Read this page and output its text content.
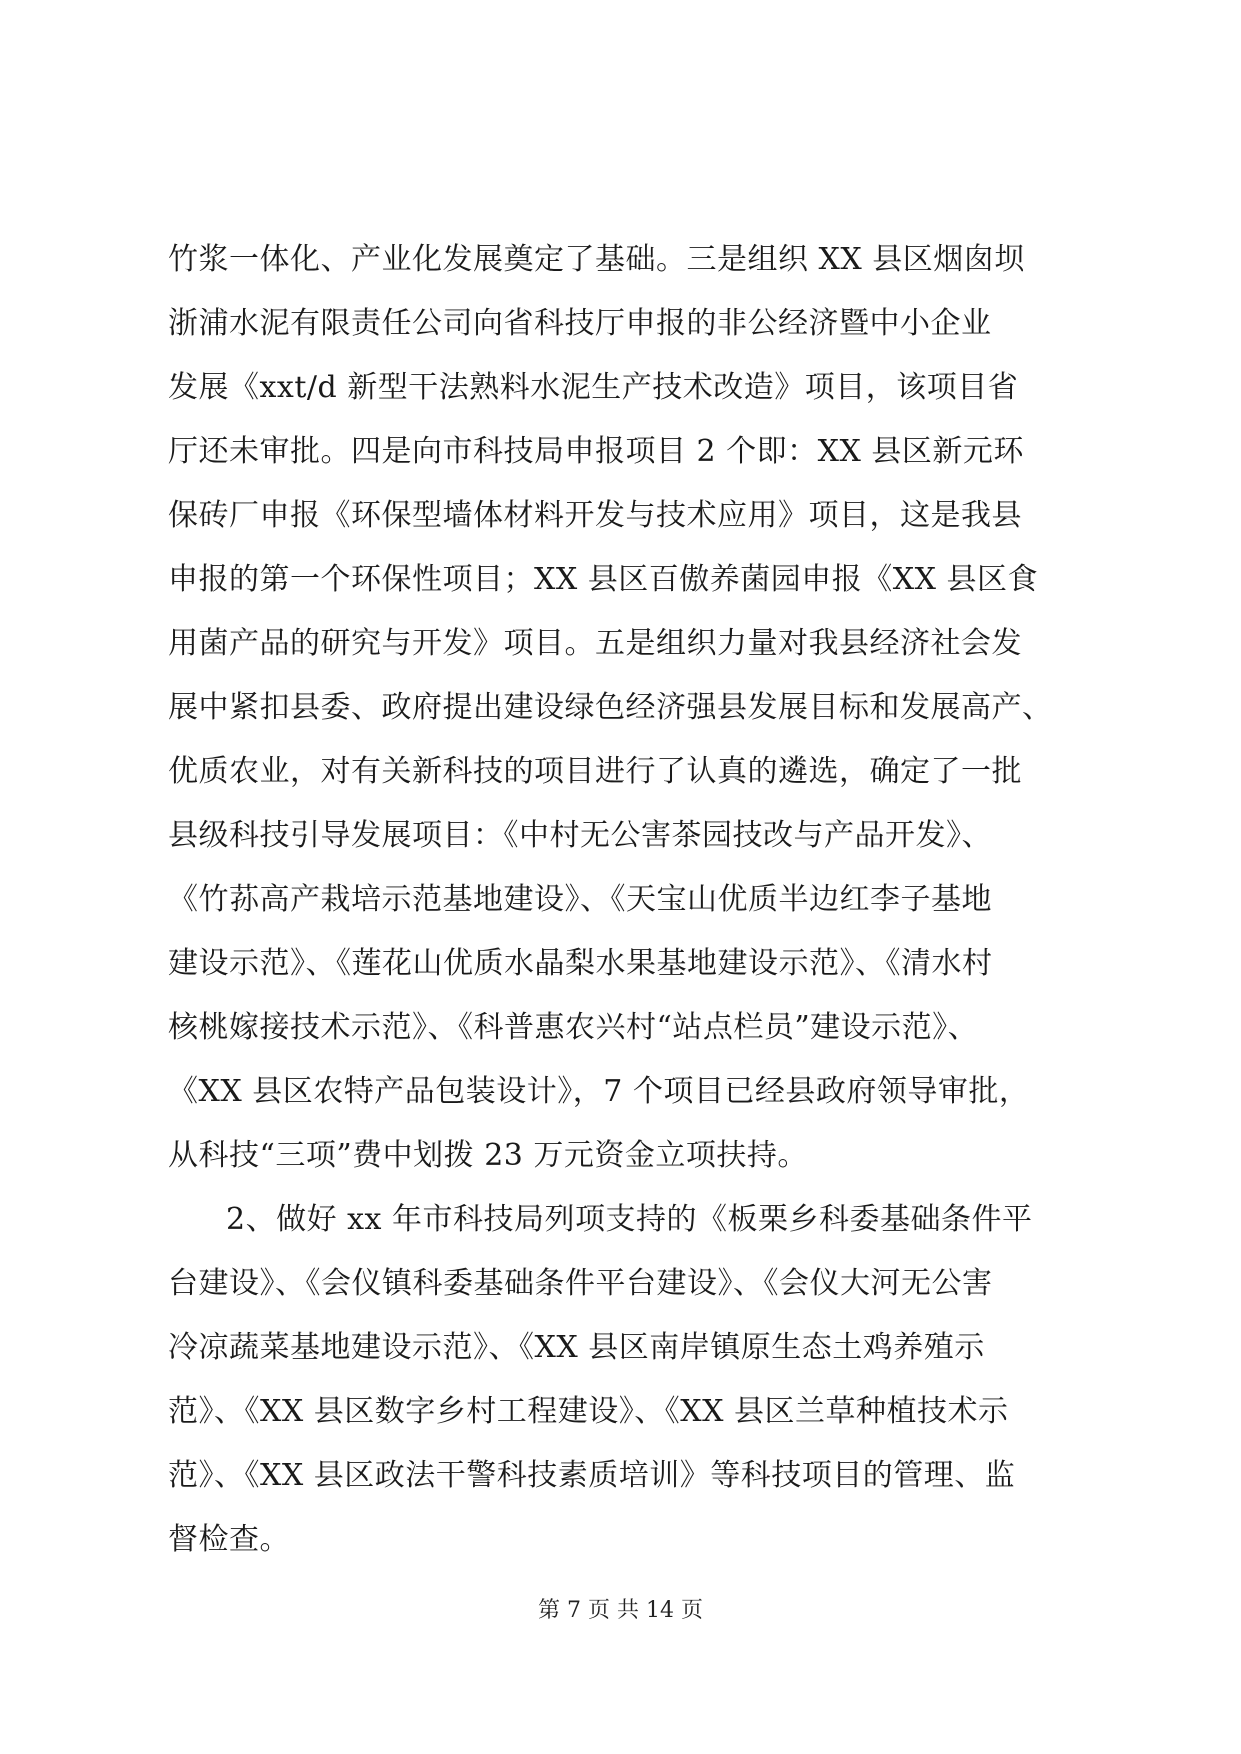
竹浆一体化、产业化发展奠定了基础。三是组织 XX 县区烟囱坝
浙浦水泥有限责任公司向省科技厅申报的非公经济暨中小企业
发展《xxt/d 新型干法熟料水泥生产技术改造》项目，该项目省
厅还未审批。四是向市科技局申报项目 2 个即：XX 县区新元环
保砖厂申报《环保型墙体材料开发与技术应用》项目，这是我县
申报的第一个环保性项目；XX 县区百傲养菌园申报《XX 县区食
用菌产品的研究与开发》项目。五是组织力量对我县经济社会发
展中紧扣县委、政府提出建设绿色经济强县发展目标和发展高产、
优质农业，对有关新科技的项目进行了认真的遴选，确定了一批
县级科技引导发展项目：《中村无公害茶园技改与产品开发》、
《竹荪高产栽培示范基地建设》、《天宝山优质半边红李子基地
建设示范》、《莲花山优质水晶梨水果基地建设示范》、《清水村
核桃嫁接技术示范》、《科普惠农兴村“站点栏员”建设示范》、
《XX 县区农特产品包装设计》，7 个项目已经县政府领导审批，
从科技“三项”费中划拨 23 万元资金立项扶持。
2、做好 xx 年市科技局列项支持的《板栗乡科委基础条件平
台建设》、《会仪镇科委基础条件平台建设》、《会仪大河无公害
冷凉蔬菜基地建设示范》、《XX 县区南岸镇原生态土鸡养殖示
范》、《XX 县区数字乡村工程建设》、《XX 县区兰草种植技术示
范》、《XX 县区政法干警科技素质培训》等科技项目的管理、监
督检查。
第 7 页 共 14 页
